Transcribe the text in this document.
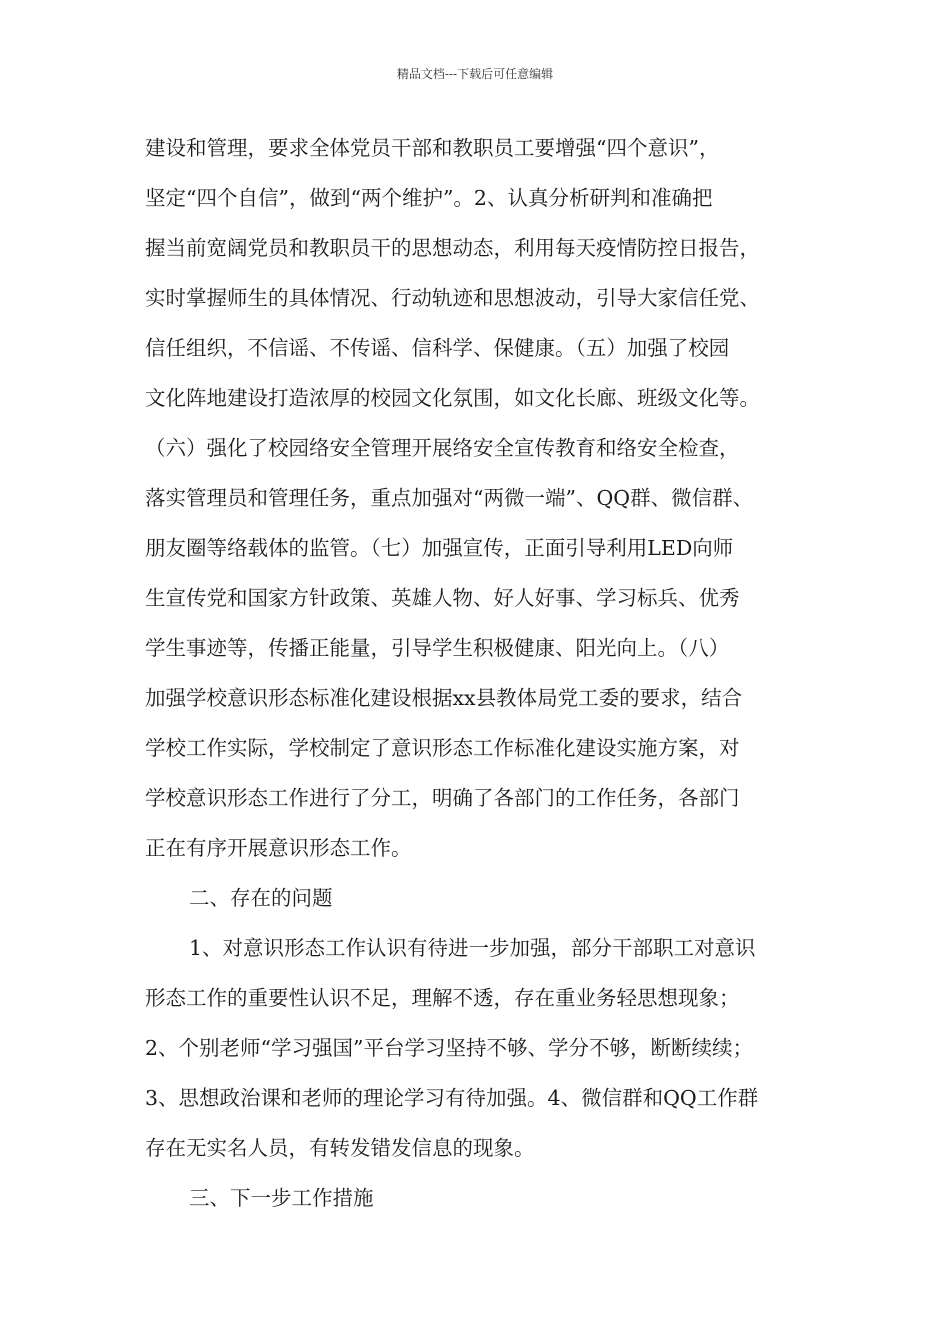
精品文档---下载后可任意编辑
建设和管理，要求全体党员干部和教职员工要增强“四个意识”，
坚定“四个自信”，做到“两个维护”。2、认真分析研判和准确把
握当前宽阔党员和教职员干的思想动态，利用每天疫情防控日报告，
实时掌握师生的具体情况、行动轨迹和思想波动，引导大家信任党、
信任组织，不信谣、不传谣、信科学、保健康。（五）加强了校园
文化阵地建设打造浓厚的校园文化氛围，如文化长廊、班级文化等。
（六）强化了校园络安全管理开展络安全宣传教育和络安全检查，
落实管理员和管理任务，重点加强对“两微一端”、QQ群、微信群、
朋友圈等络载体的监管。（七）加强宣传，正面引导利用LED向师
生宣传党和国家方针政策、英雄人物、好人好事、学习标兵、优秀
学生事迹等，传播正能量，引导学生积极健康、阳光向上。（八）
加强学校意识形态标准化建设根据xx县教体局党工委的要求，结合
学校工作实际，学校制定了意识形态工作标准化建设实施方案，对
学校意识形态工作进行了分工，明确了各部门的工作任务，各部门
正在有序开展意识形态工作。
二、存在的问题
1、对意识形态工作认识有待进一步加强，部分干部职工对意识
形态工作的重要性认识不足，理解不透，存在重业务轻思想现象；
2、个别老师“学习强国”平台学习坚持不够、学分不够，断断续续；
3、思想政治课和老师的理论学习有待加强。4、微信群和QQ工作群
存在无实名人员，有转发错发信息的现象。
三、下一步工作措施
